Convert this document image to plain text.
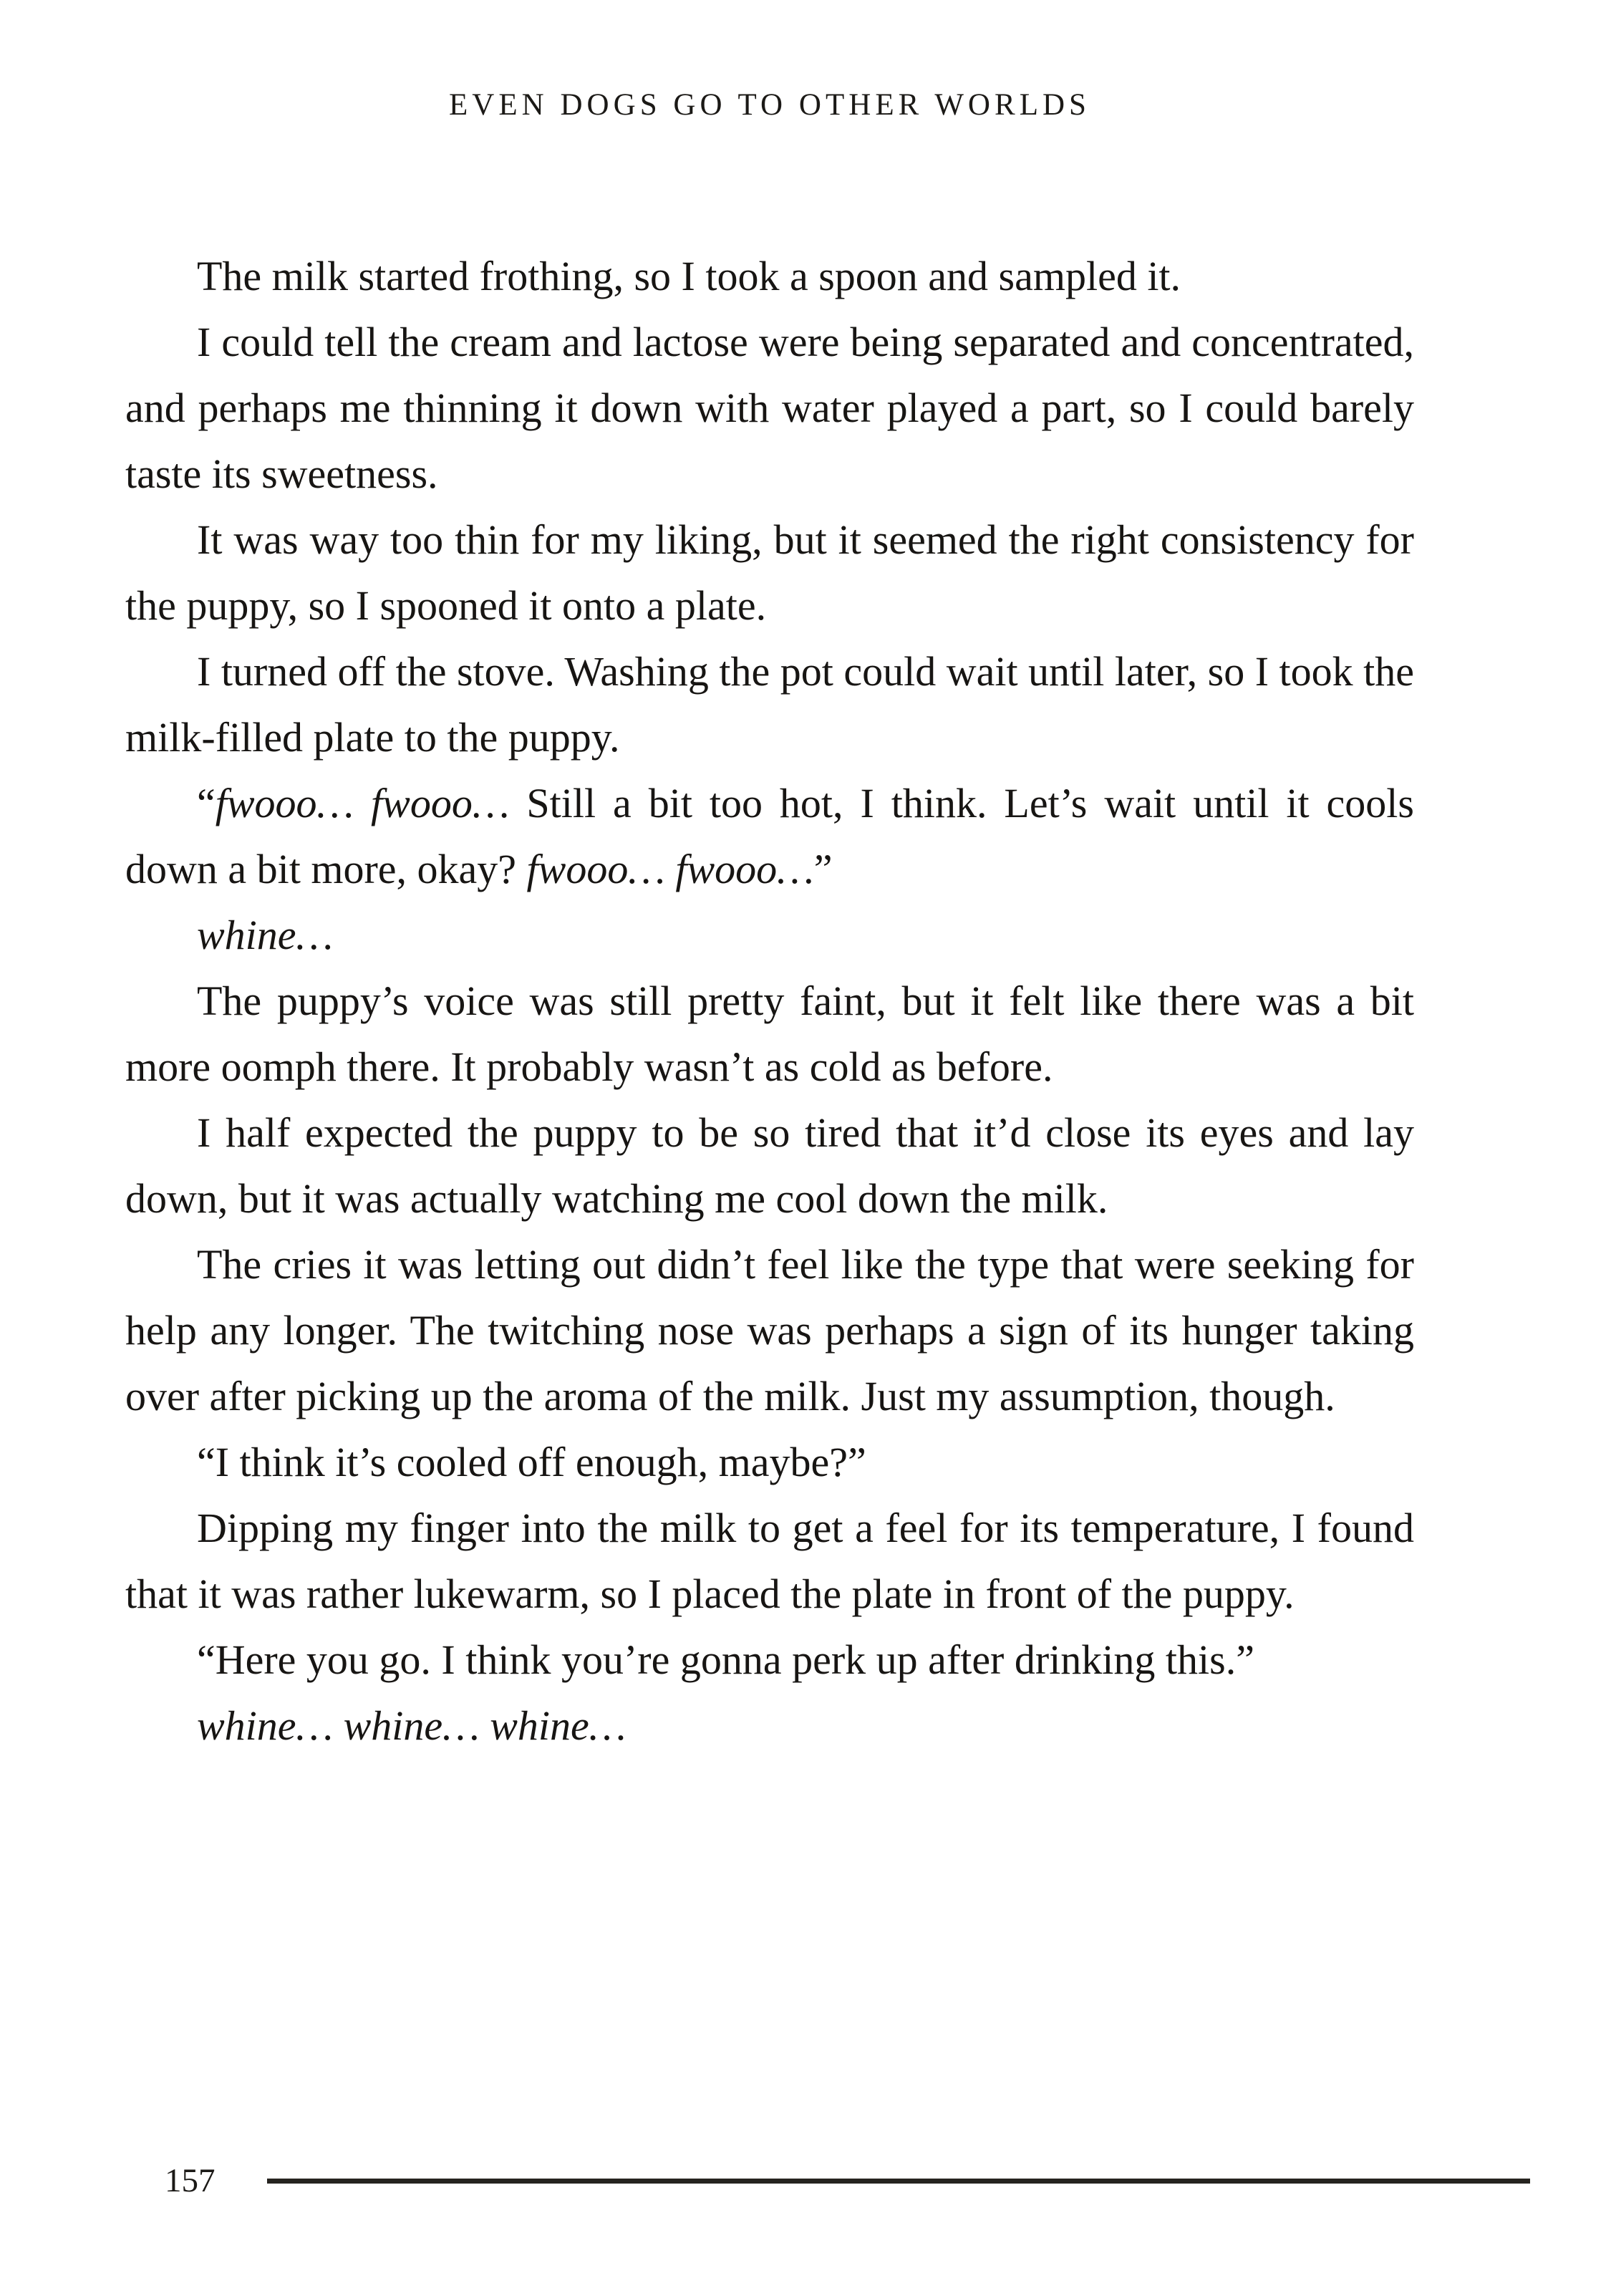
EVEN DOGS GO TO OTHER WORLDS

The milk started frothing, so I took a spoon and sampled it.

I could tell the cream and lactose were being separated and concentrated, and perhaps me thinning it down with water played a part, so I could barely taste its sweetness.

It was way too thin for my liking, but it seemed the right consistency for the puppy, so I spooned it onto a plate.

I turned off the stove. Washing the pot could wait until later, so I took the milk-filled plate to the puppy.

“fwooo… fwooo… Still a bit too hot, I think. Let’s wait until it cools down a bit more, okay? fwooo… fwooo…”

whine…

The puppy’s voice was still pretty faint, but it felt like there was a bit more oomph there. It probably wasn’t as cold as before.

I half expected the puppy to be so tired that it’d close its eyes and lay down, but it was actually watching me cool down the milk.

The cries it was letting out didn’t feel like the type that were seeking for help any longer. The twitching nose was perhaps a sign of its hunger taking over after picking up the aroma of the milk. Just my assumption, though.

“I think it’s cooled off enough, maybe?”

Dipping my finger into the milk to get a feel for its temperature, I found that it was rather lukewarm, so I placed the plate in front of the puppy.

“Here you go. I think you’re gonna perk up after drinking this.”

whine… whine… whine…

157
